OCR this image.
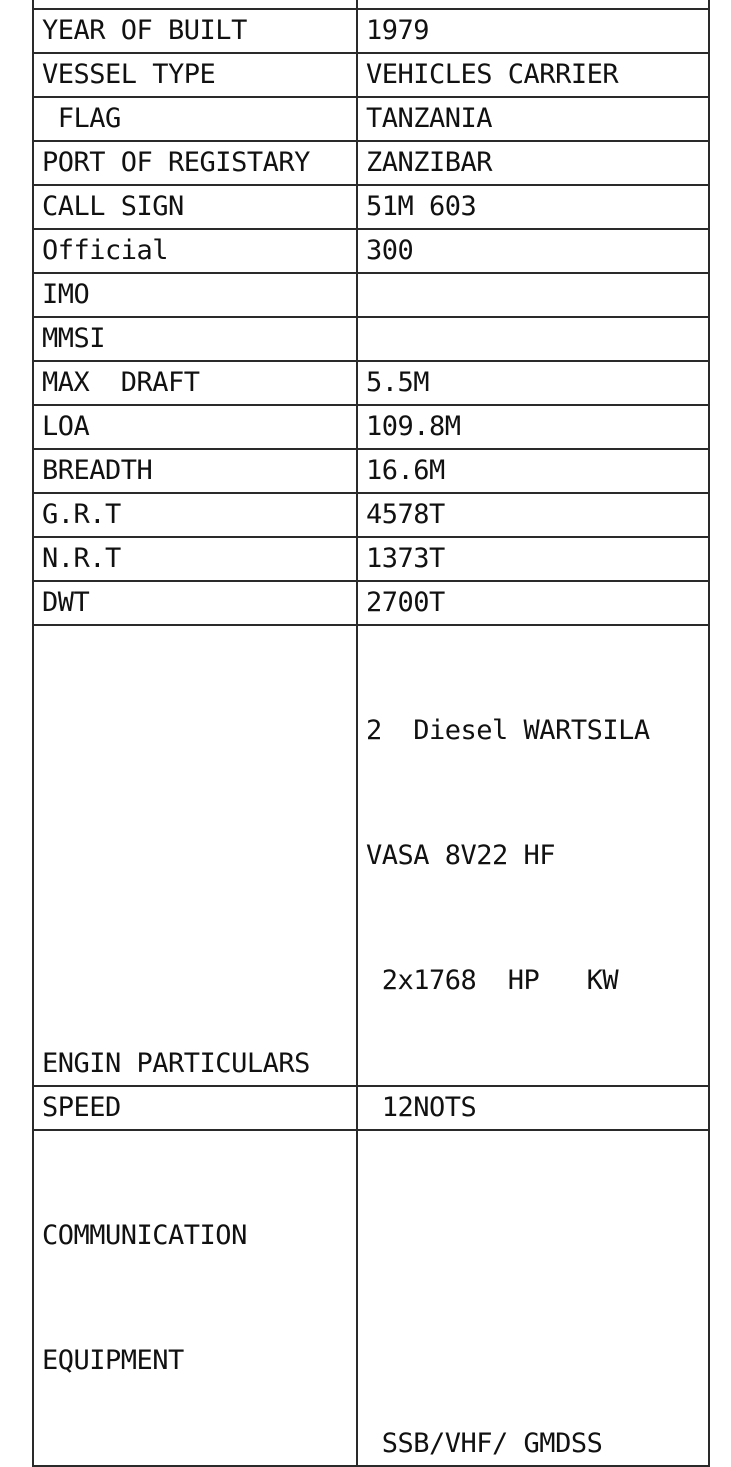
YEAR OF BUILT	1979
VESSEL TYPE	VEHICLES CARRIER
FLAG	TANZANIA
PORT OF REGISTARY	ZANZIBAR
CALL SIGN	51M 603
Official	300
IMO	
MMSI	
MAX  DRAFT	5.5M
LOA	109.8M
BREADTH	16.6M
G.R.T	4578T
N.R.T	1373T
DWT	2700T
ENGIN PARTICULARS	2  Diesel WARTSILA

VASA 8V22 HF

2x1768  HP   KW

SPEED	12NOTS

COMMUNICATION

EQUIPMENT	SSB/VHF/ GMDSS
